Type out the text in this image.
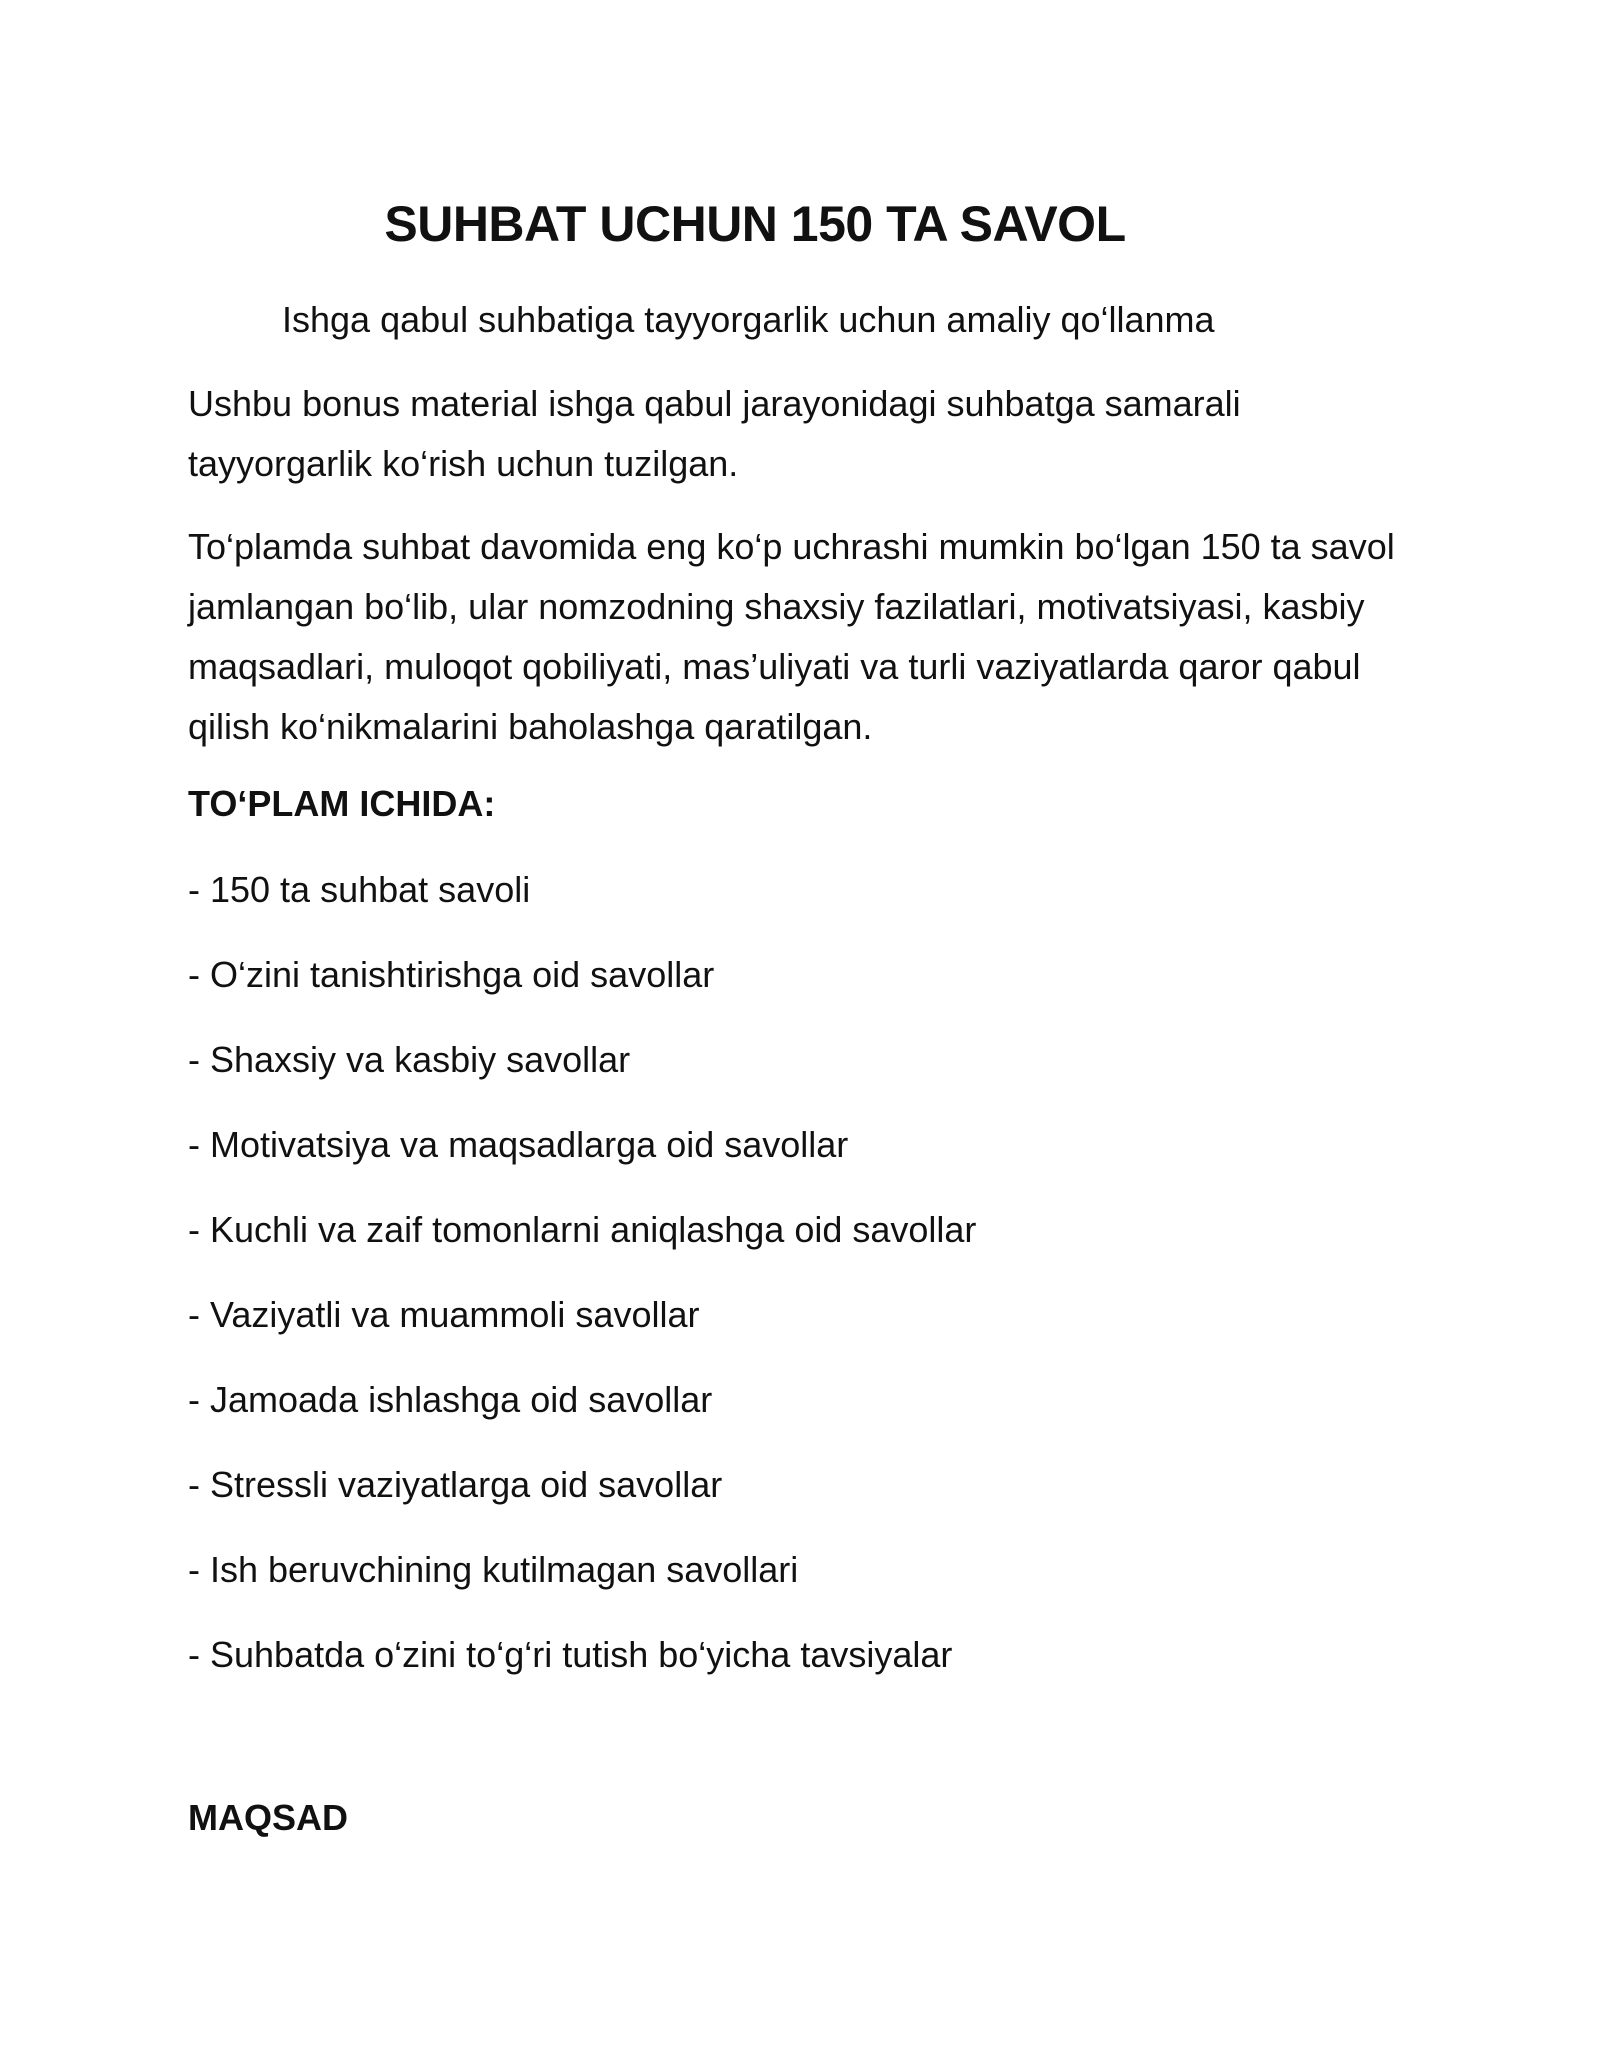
SUHBAT UCHUN 150 TA SAVOL
Ishga qabul suhbatiga tayyorgarlik uchun amaliy qo‘llanma
Ushbu bonus material ishga qabul jarayonidagi suhbatga samarali tayyorgarlik ko‘rish uchun tuzilgan.
To‘plamda suhbat davomida eng ko‘p uchrashi mumkin bo‘lgan 150 ta savol jamlangan bo‘lib, ular nomzodning shaxsiy fazilatlari, motivatsiyasi, kasbiy maqsadlari, muloqot qobiliyati, mas’uliyati va turli vaziyatlarda qaror qabul qilish ko‘nikmalarini baholashga qaratilgan.
TO‘PLAM ICHIDA:
- 150 ta suhbat savoli
- O‘zini tanishtirishga oid savollar
- Shaxsiy va kasbiy savollar
- Motivatsiya va maqsadlarga oid savollar
- Kuchli va zaif tomonlarni aniqlashga oid savollar
- Vaziyatli va muammoli savollar
- Jamoada ishlashga oid savollar
- Stressli vaziyatlarga oid savollar
- Ish beruvchining kutilmagan savollari
- Suhbatda o‘zini to‘g‘ri tutish bo‘yicha tavsiyalar
MAQSAD
